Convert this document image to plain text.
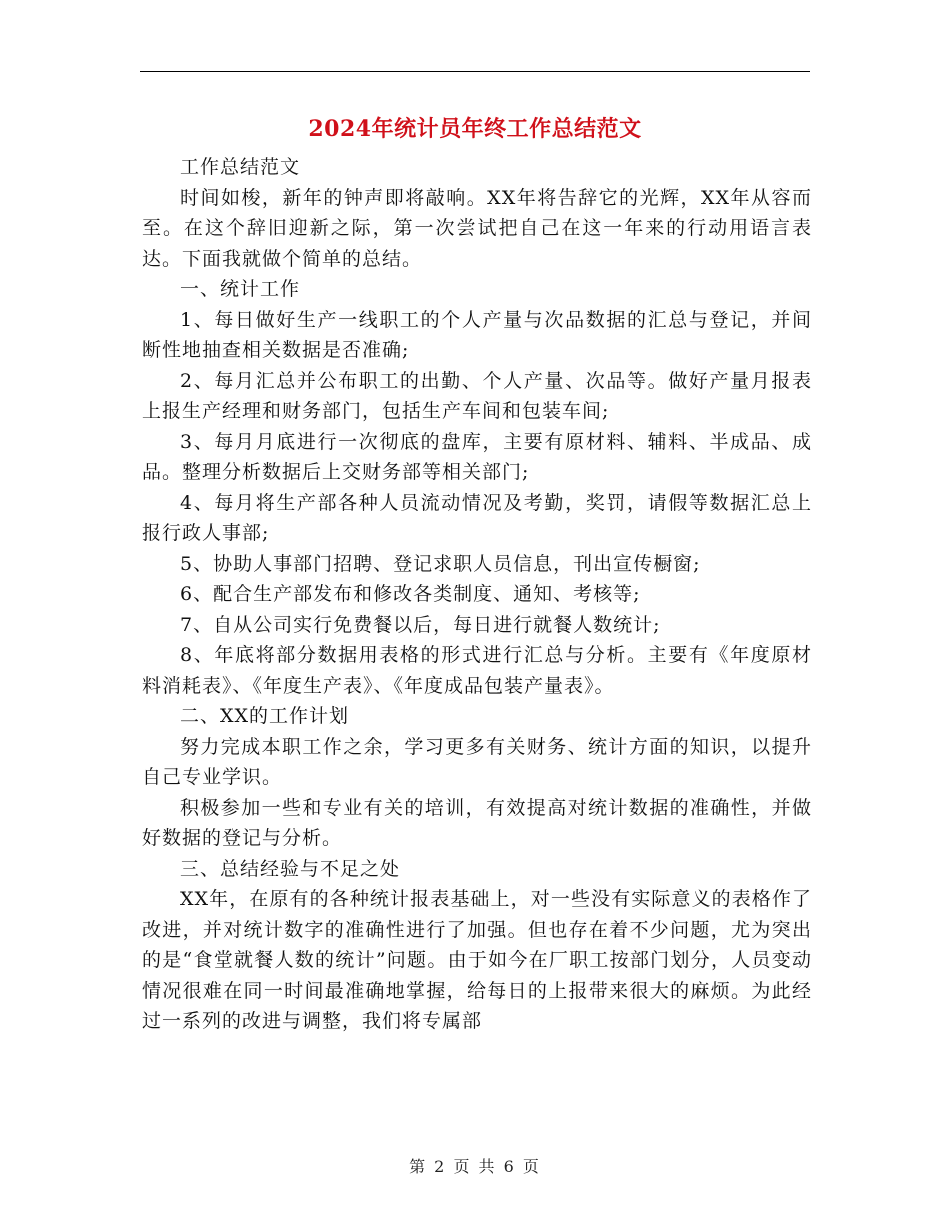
2024年统计员年终工作总结范文

工作总结范文

时间如梭，新年的钟声即将敲响。XX年将告辞它的光辉，XX年从容而至。在这个辞旧迎新之际，第一次尝试把自己在这一年来的行动用语言表达。下面我就做个简单的总结。

一、统计工作

1、每日做好生产一线职工的个人产量与次品数据的汇总与登记，并间断性地抽查相关数据是否准确;

2、每月汇总并公布职工的出勤、个人产量、次品等。做好产量月报表上报生产经理和财务部门，包括生产车间和包装车间;

3、每月月底进行一次彻底的盘库，主要有原材料、辅料、半成品、成品。整理分析数据后上交财务部等相关部门;

4、每月将生产部各种人员流动情况及考勤，奖罚，请假等数据汇总上报行政人事部;

5、协助人事部门招聘、登记求职人员信息，刊出宣传橱窗;

6、配合生产部发布和修改各类制度、通知、考核等;

7、自从公司实行免费餐以后，每日进行就餐人数统计;

8、年底将部分数据用表格的形式进行汇总与分析。主要有《年度原材料消耗表》、《年度生产表》、《年度成品包装产量表》。

二、XX的工作计划

努力完成本职工作之余，学习更多有关财务、统计方面的知识，以提升自己专业学识。

积极参加一些和专业有关的培训，有效提高对统计数据的准确性，并做好数据的登记与分析。

三、总结经验与不足之处

XX年，在原有的各种统计报表基础上，对一些没有实际意义的表格作了改进，并对统计数字的准确性进行了加强。但也存在着不少问题，尤为突出的是“食堂就餐人数的统计”问题。由于如今在厂职工按部门划分，人员变动情况很难在同一时间最准确地掌握，给每日的上报带来很大的麻烦。为此经过一系列的改进与调整，我们将专属部

第 2 页 共 6 页
